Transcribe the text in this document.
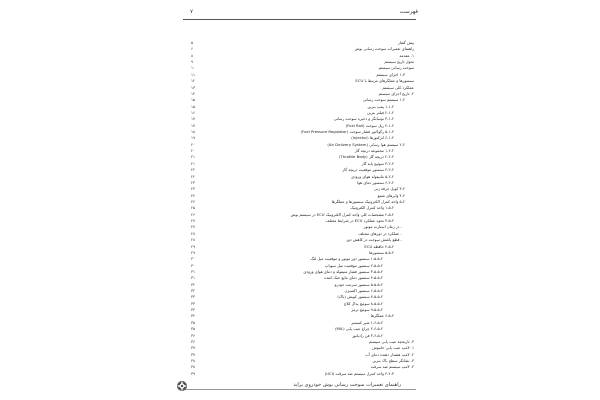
فهرست
۷
۵	پیش گفتار
۶	راهنمای تعمیرات سوخت رسانی بوش
۸	۱. مقدمه
۹	تحول تاریخ سیستم
۱۰	سوخت رسانی سیستم
۱۱	۱-۳ اجزای سیستم
۱۲	سنسورها و عملگرهای مرتبط با ECU
۱۳	عملکرد کلی سیستم
۱۴	۲. تاریخ اجرای سیستم
۱۵	۱-۲ سیستم سوخت رسانی
۱۵	۱-۱-۲ پمپ بنزین
۱۶	۲-۱-۲ فیلتر بنزین
۱۷	۳-۱-۲ نوسانگر و ذخیره سوخت رسانی
۱۷	۴-۱-۲ ریل سوخت (Fuel Rail)
۱۸	۵-۱-۲ رگولاتور فشار سوخت (Fuel Pressure Regulator)
۱۹	۶-۱-۲ انژکتورها (Injector)
۲۰	۲-۲ سیستم هوا رسانی (Air Delivery System)
۲۰	۱-۲-۲ مجموعه دریچه گاز
۲۱	۲-۲-۲ دریچه گاز (Throttle Body)
۲۱	۳-۲-۲ سوئیچ پایه گاز
۲۲	۴-۲-۲ سنسور موقعیت دریچه گاز
۲۲	۵-۲-۲ مانیفولد هوای ورودی
۲۳	۶-۲-۲ سنسور دمای هوا
۲۳	۳-۲ کویل جرقه زنی
۲۴	۴-۲ وایرهای شمع
۲۴	۵-۲ واحد کنترل الکترونیک سنسورها و عملگرها
۲۵	۱-۵-۲ واحد کنترل الکترونیک
۲۶	۲-۵-۲ مشخصات کلی واحد کنترل الکترونیک ECU در سیستم بوش
۲۷	۳-۵-۲ نحوه عملکرد ECU در شرایط مختلف
۲۷	- در زمان استارت موتور
۲۸	- عملکرد در دورهای مختلف
۲۸	- قطع پاشش سوخت در کاهش دور
۲۹	۴-۵-۲ حافظه ECU
۲۹	۵-۵-۲ سنسورها
۳۰	۱-۵-۵-۲ سنسور دور موتور و موقعیت میل لنگ
۳۰	۲-۵-۵-۲ سنسور موقعیت میل سوپاپ
۳۱	۳-۵-۵-۲ سنسور فشار منیفولد و دمای هوای ورودی
۳۱	۴-۵-۵-۲ سنسور دمای مایع خنک کننده
۳۲	۵-۵-۵-۲ سنسور سرعت خودرو
۳۲	۶-۵-۵-۲ سنسور اکسیژن
۳۳	۷-۵-۵-۲ سنسور کوبش (ناک)
۳۳	۸-۵-۵-۲ سوئیچ پدال کلاچ
۳۴	۹-۵-۵-۲ سوئیچ ترمز
۳۴	۶-۵-۲ عملگرها
۳۵	۱-۶-۵-۲ شیر کنیستر
۳۵	۲-۶-۵-۲ چراغ عیب یابی (MIL)
۳۶	۳-۶-۵-۲ فن رادیاتور
۳۶	۳. تاریخچه عیب یابی سیستم
۳۷	۱. لامپ عیب یابی خاموش
۳۷	۲. لامپ هشدار دهنده دمای آب
۳۸	۳. نشانگر سطح باک بنزین
۳۸	۴. لامپ سیستم ضد سرقت
۳۹	۴-۲-۳ واحد کنترل سیستم ضد سرقت (UCI)
راهنمای تعمیرات سوخت رسانی بوش خودروی پراید
